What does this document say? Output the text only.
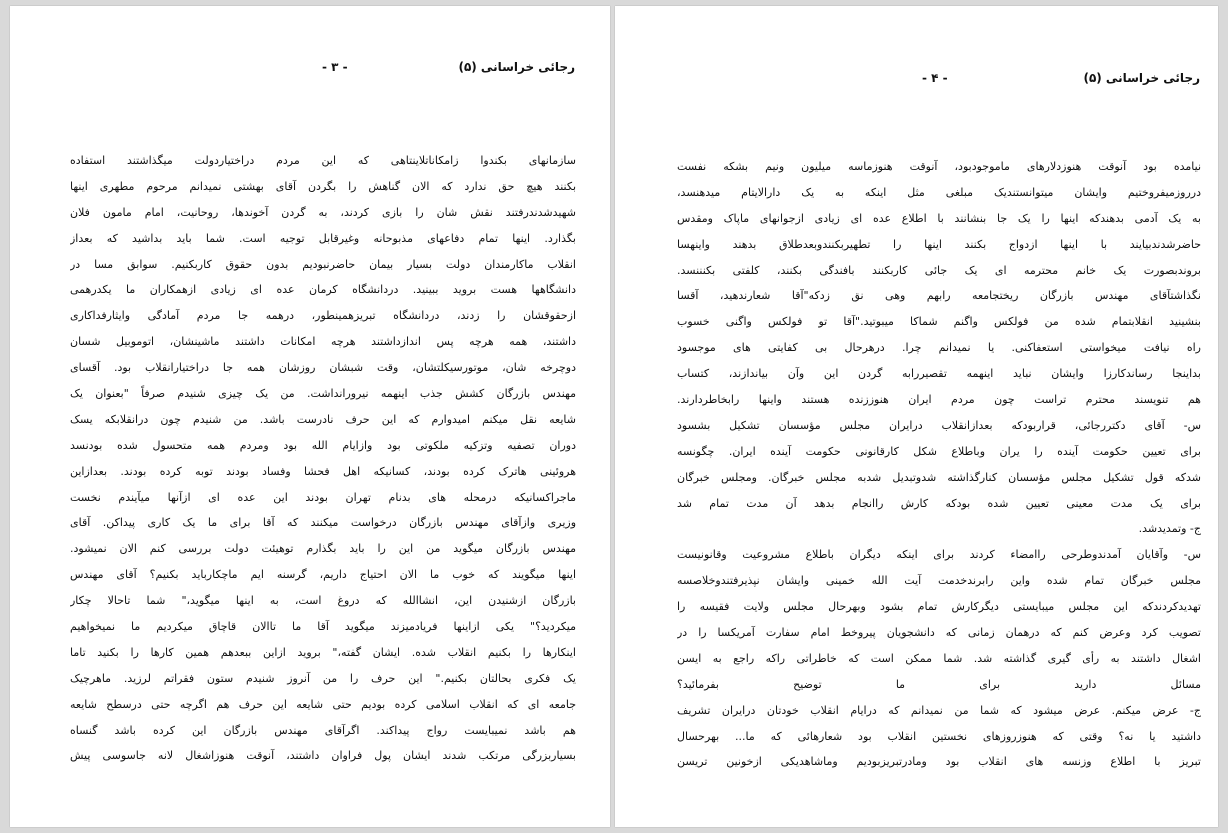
رجائی خراسانی (۵)
- ۳ -
سازمانهای بکندوا زامکاناتلاینتاهی که این مردم دراختیاردولت میگذاشتند استفاده
بکنند هیچ حق ندارد که الان گناهش را بگردن آقای بهشتی نمیدانم مرحوم مطهری اینها
شهیدشدندرفتند نقش شان را بازی کردند، به گردن آخوندها، روحانیت، امام مامون فلان
بگذارد. اینها تمام دفاعهای مذبوحانه وغیرقابل توجیه است. شما باید بداشید که بعداز
انقلاب ماکارمندان دولت بسیار بیمان حاضرنبودیم بدون حقوق کاربکنیم. سوابق مسا در
دانشگاهها هست بروید ببینید. دردانشگاه کرمان عده ای زیادی ازهمکاران ما یکدرهمی
ازحقوقشان را زدند، دردانشگاه تبریزهمینطور، درهمه جا مردم آمادگی وایثارفداکاری
داشتند، همه هرچه پس اندازداشتند هرچه امکانات داشتند ماشینشان، اتوموبیل شسان
دوچرخه شان، موتورسیکلتشان، وقت شبشان روزشان همه جا دراختیارانقلاب بود. آقسای
مهندس بازرگان کشش جذب اینهمه نیرورانداشت. من یک چیزی شنیدم صرفاً "بعنوان یک
شایعه نقل میکنم امیدوارم که این حرف نادرست باشد. من شنیدم چون درانقلابکه یسک
دوران تصفیه وتزکیه ملکوتی بود وازایام الله بود ومردم همه متحسول شده بودنسد
هروئینی هاترک کرده بودند، کسانیکه اهل فحشا وفساد بودند توبه کرده بودند. بعدازاین
ماجراکسانیکه درمحله های بدنام تهران بودند این عده ای ازآنها میآیندم نخست
وزیری وازآقای مهندس بازرگان درخواست میکنند که آقا برای ما یک کاری پیداکن. آقای
مهندس بازرگان میگوید من این را باید بگذارم توهیئت دولت بررسی کنم الان نمیشود.
اینها میگویند که خوب ما الان احتیاج داریم، گرسنه ایم ماچکارباید بکنیم؟ آقای مهندس
بازرگان ازشنیدن این، انشاالله که دروغ است، به اینها میگوید،" شما تاحالا چکار
میکردید؟" یکی ازاینها فریادمیزند میگوید آقا ما تاالان قاچاق میکردیم ما نمیخواهیم
اینکارها را بکنیم انقلاب شده. ایشان گفته،" بروید ازاین ببعدهم همین کارها را بکنید تاما
یک فکری بحالتان بکنیم." این حرف را من آنروز شنیدم ستون فقراتم لرزید. ماهرچیک
جامعه ای که انقلاب اسلامی کرده بودیم حتی شایعه این حرف هم اگرچه حتی درسطح شایعه
هم باشد نمیبایست رواج پیداکند. اگرآقای مهندس بازرگان این کرده باشد گنساه
بسیاربزرگی مرتکب شدند ایشان پول فراوان داشتند، آنوقت هنوزاشغال لانه جاسوسی پیش
رجائی خراسانی (۵)
- ۴ -
نیامده بود آنوقت هنوزدلارهای ماموجودبود، آنوقت هنوزماسه میلیون ونیم بشکه نفست
درروزمیفروختیم وایشان میتوانستندیک مبلغی مثل اینکه به یک دارالایتام میدهنسد،
به یک آدمی بدهندکه اینها را یک جا بنشانند با اطلاع عده ای زیادی ازجوانهای ماپاک ومقدس
حاضرشدندبیایند با اینها ازدواج بکنند اینها را تطهیربکنندوبعدطلاق بدهند واینهسا
بروندبصورت یک خانم محترمه ای یک جائی کاربکنند بافندگی بکنند، کلفتی بکنننسد.
نگذاشتآقای مهندس بازرگان ریختجامعه رابهم وهی نق زدکه"آقا شعارندهید، آقسا
بنشینید انقلابتمام شده من فولکس واگنم شماکا میبوتید."آقا تو فولکس واگنی خسوب
راه نیافت میخواستی استعفاکنی. یا نمیدانم چرا. درهرحال بی کفایتی های موجسود
بداینجا رساندکارزا وایشان نباید اینهمه تقصیررابه گردن این وآن بیاندازند، کتساب
هم تنویسند محترم تراست چون مردم ایران هنوززنده هستند واینها رابخاطردارند.
س- آقای دکتررجائی، قراربودکه بعدازانقلاب درایران مجلس مؤسسان تشکیل بشسود
برای تعیین حکومت آینده را یران وباطلاع شکل کارقانونی حکومت آینده ایران. چگونسه
شدکه قول تشکیل مجلس مؤسسان کنارگذاشته شدوتبدیل شدبه مجلس خبرگان. ومجلس خبرگان
برای یک مدت معینی تعیین شده بودکه کارش راانجام بدهد آن مدت تمام شد
ج- وتمدیدشد.
س- وآقایان آمدندوطرحی راامضاء کردند برای اینکه دیگران باطلاع مشروعیت وقانونیست
مجلس خبرگان تمام شده واین رابرندخدمت آیت الله خمینی وایشان نپذیرفتندوخلاصسه
تهدیدکردندکه این مجلس میبایستی دیگرکارش تمام بشود وبهرحال مجلس ولایت فقیسه را
تصویب کرد وعرض کنم که درهمان زمانی که دانشجویان پیروخط امام سفارت آمریکسا را در
اشغال داشتند به رأی گیری گذاشته شد. شما ممکن است که خاطراتی راکه راجع به ایسن
مسائل دارید برای ما توضیح بفرمائید؟
ج- عرض میکنم. عرض میشود که شما من نمیدانم که درایام انقلاب خودتان درایران تشریف
داشتید یا نه؟ وقتی که هنوزروزهای نخستین انقلاب بود شعارهائی که ما... بهرحسال
تبریز با اطلاع وزنسه های انقلاب بود ومادرتبریزبودیم وماشاهدیکی ازخونین تریسن
